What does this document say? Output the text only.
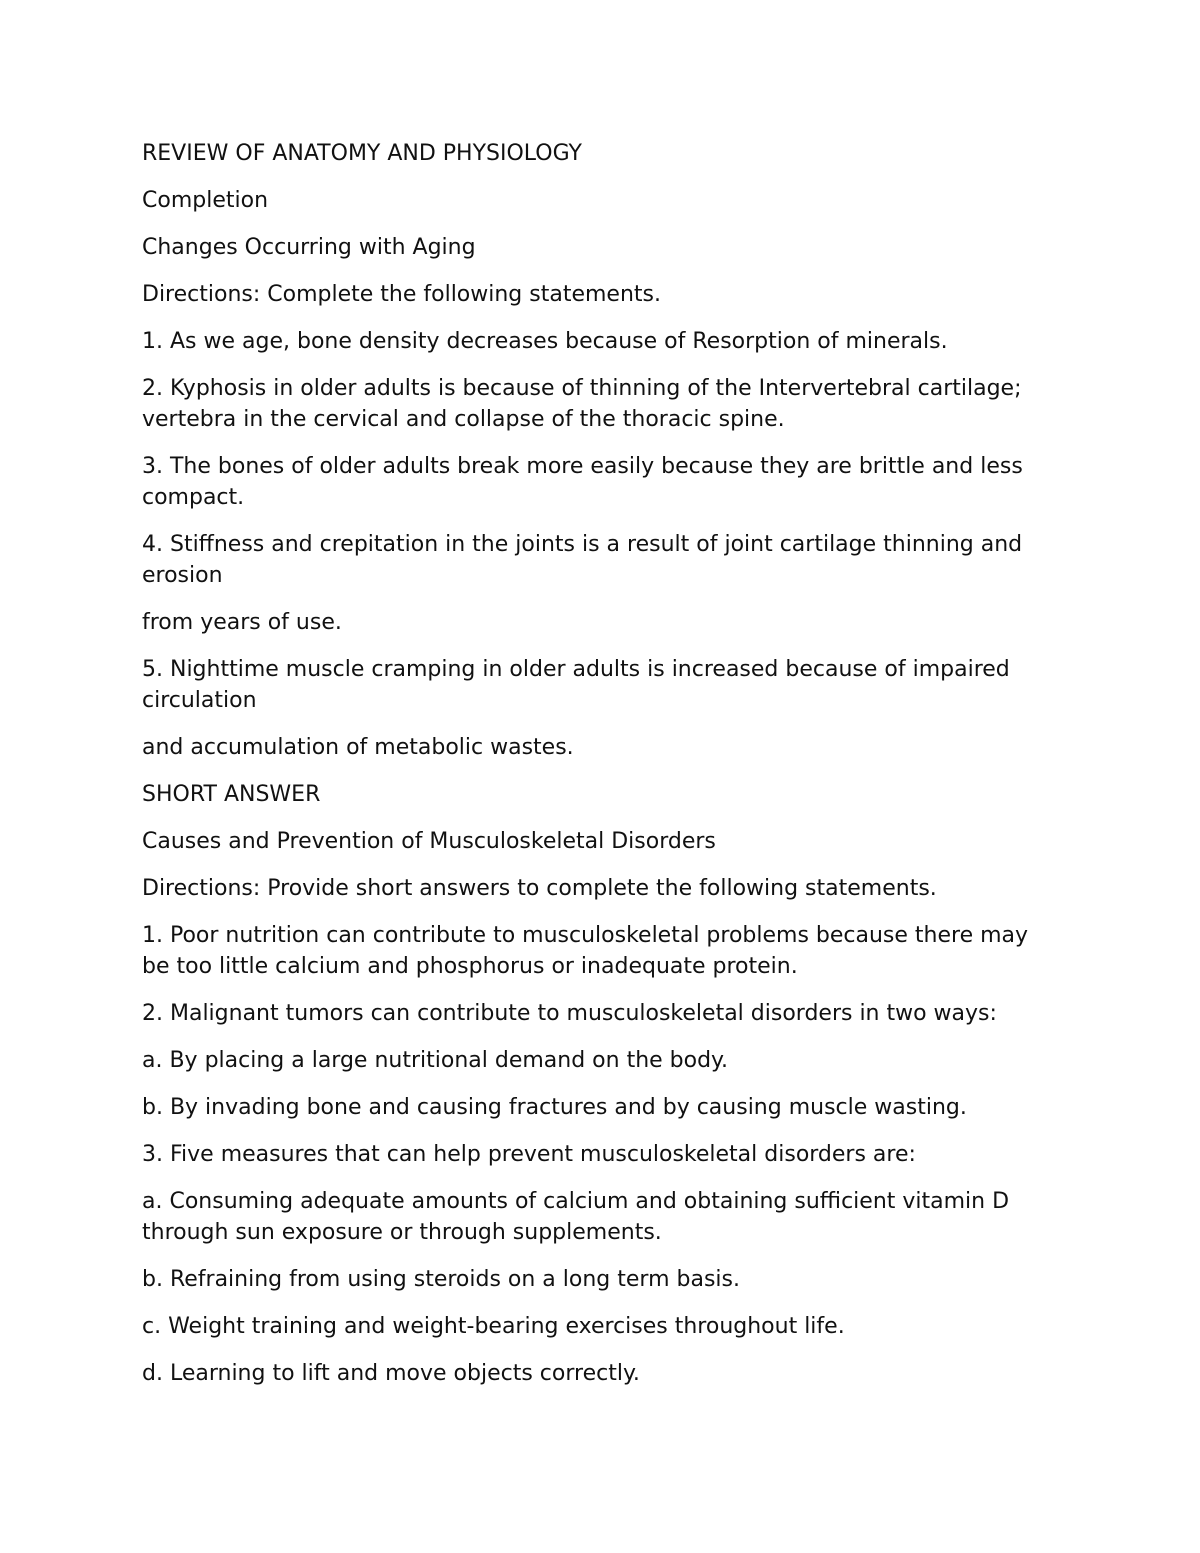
REVIEW OF ANATOMY AND PHYSIOLOGY

Completion

Changes Occurring with Aging

Directions: Complete the following statements.

1. As we age, bone density decreases because of Resorption of minerals.

2. Kyphosis in older adults is because of thinning of the Intervertebral cartilage; vertebra in the cervical and collapse of the thoracic spine.

3. The bones of older adults break more easily because they are brittle and less compact.

4. Stiffness and crepitation in the joints is a result of joint cartilage thinning and erosion

from years of use.

5. Nighttime muscle cramping in older adults is increased because of impaired circulation

and accumulation of metabolic wastes.

SHORT ANSWER

Causes and Prevention of Musculoskeletal Disorders

Directions: Provide short answers to complete the following statements.

1. Poor nutrition can contribute to musculoskeletal problems because there may be too little calcium and phosphorus or inadequate protein.

2. Malignant tumors can contribute to musculoskeletal disorders in two ways:

a. By placing a large nutritional demand on the body.

b. By invading bone and causing fractures and by causing muscle wasting.

3. Five measures that can help prevent musculoskeletal disorders are:

a. Consuming adequate amounts of calcium and obtaining sufficient vitamin D through sun exposure or through supplements.

b. Refraining from using steroids on a long term basis.

c. Weight training and weight-bearing exercises throughout life.

d. Learning to lift and move objects correctly.
